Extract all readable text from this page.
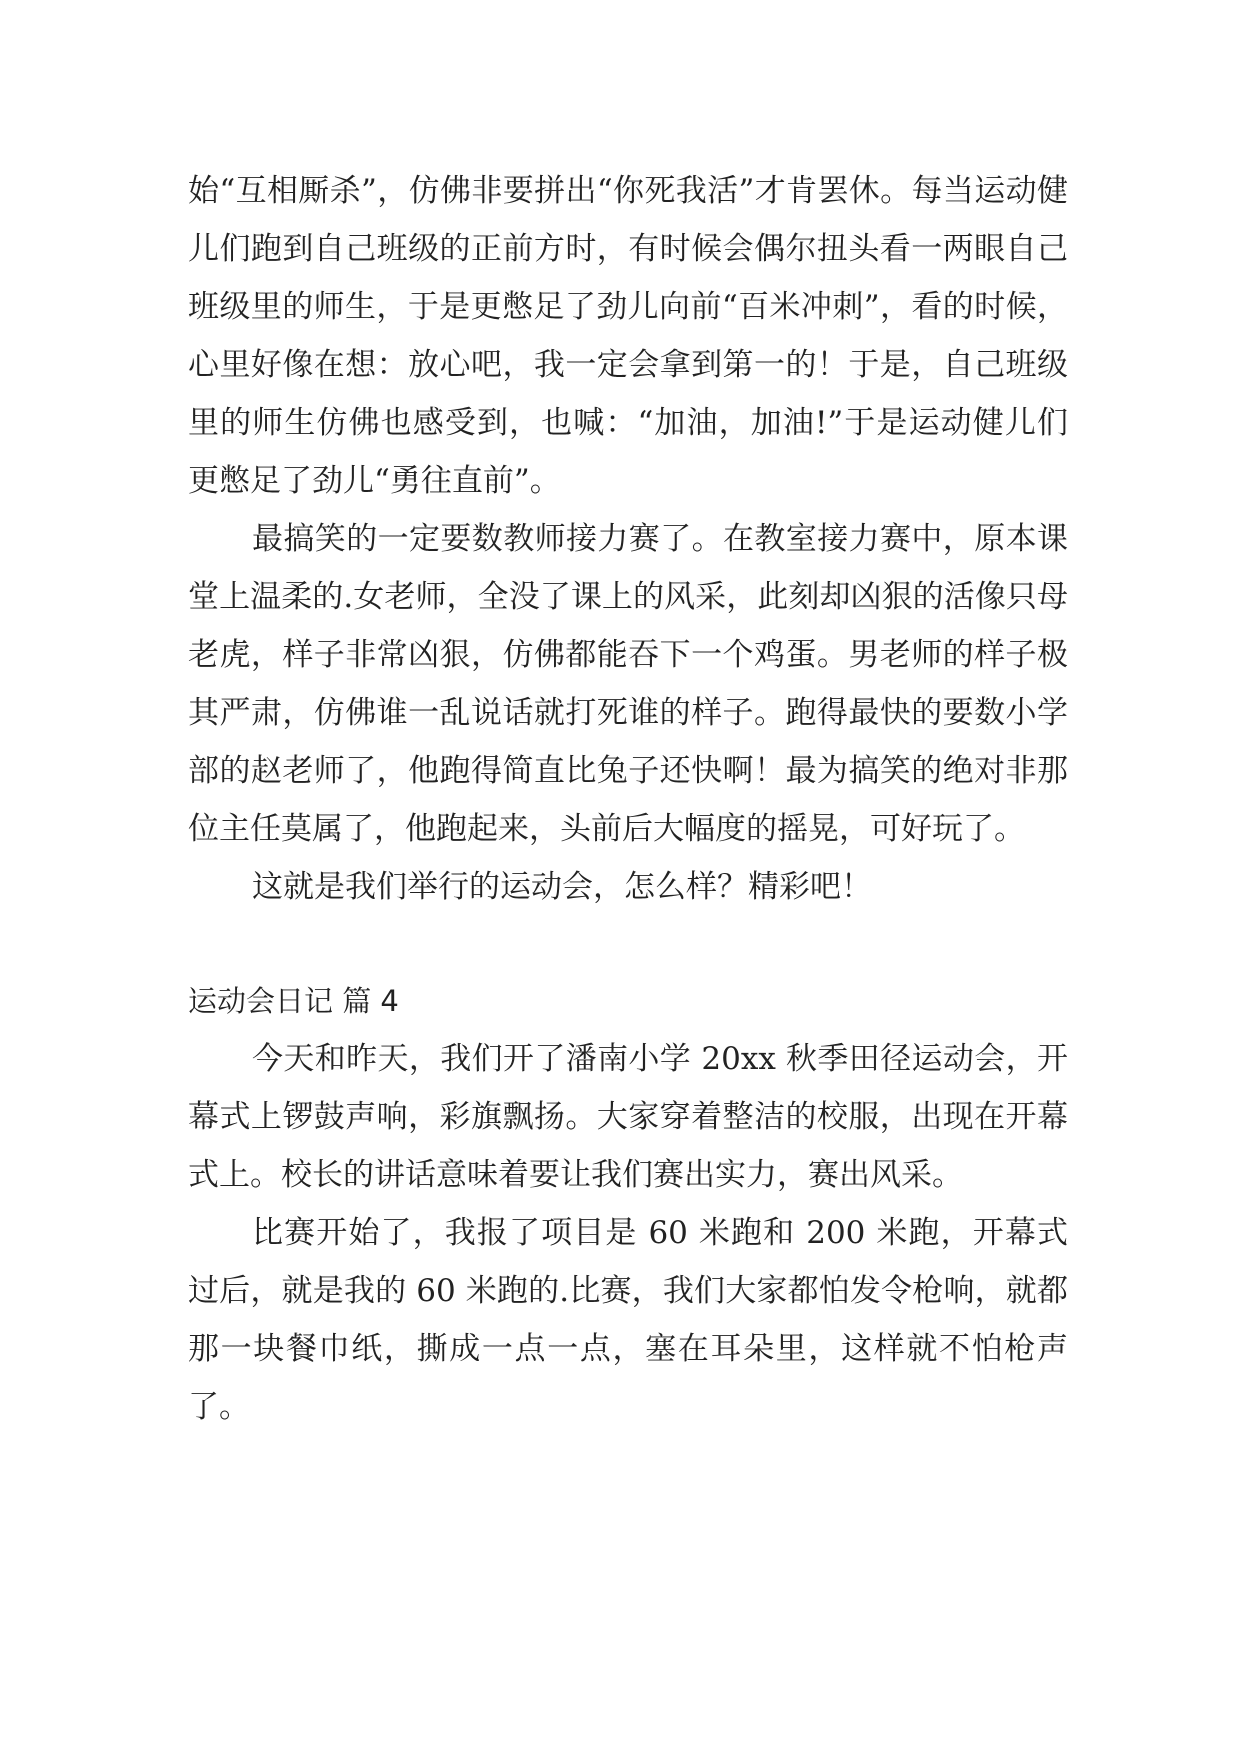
始“互相厮杀”，仿佛非要拼出“你死我活”才肯罢休。每当运动健儿们跑到自己班级的正前方时，有时候会偶尔扭头看一两眼自己班级里的师生，于是更憋足了劲儿向前“百米冲刺”，看的时候，心里好像在想：放心吧，我一定会拿到第一的！于是，自己班级里的师生仿佛也感受到，也喊：“加油，加油!”于是运动健儿们更憋足了劲儿“勇往直前”。

最搞笑的一定要数教师接力赛了。在教室接力赛中，原本课堂上温柔的.女老师，全没了课上的风采，此刻却凶狠的活像只母老虎，样子非常凶狠，仿佛都能吞下一个鸡蛋。男老师的样子极其严肃，仿佛谁一乱说话就打死谁的样子。跑得最快的要数小学部的赵老师了，他跑得简直比兔子还快啊！最为搞笑的绝对非那位主任莫属了，他跑起来，头前后大幅度的摇晃，可好玩了。

这就是我们举行的运动会，怎么样？精彩吧！

运动会日记 篇 4

今天和昨天，我们开了潘南小学 20xx 秋季田径运动会，开幕式上锣鼓声响，彩旗飘扬。大家穿着整洁的校服，出现在开幕式上。校长的讲话意味着要让我们赛出实力，赛出风采。

比赛开始了，我报了项目是 60 米跑和 200 米跑，开幕式过后，就是我的 60 米跑的.比赛，我们大家都怕发令枪响，就都那一块餐巾纸，撕成一点一点，塞在耳朵里，这样就不怕枪声了。
